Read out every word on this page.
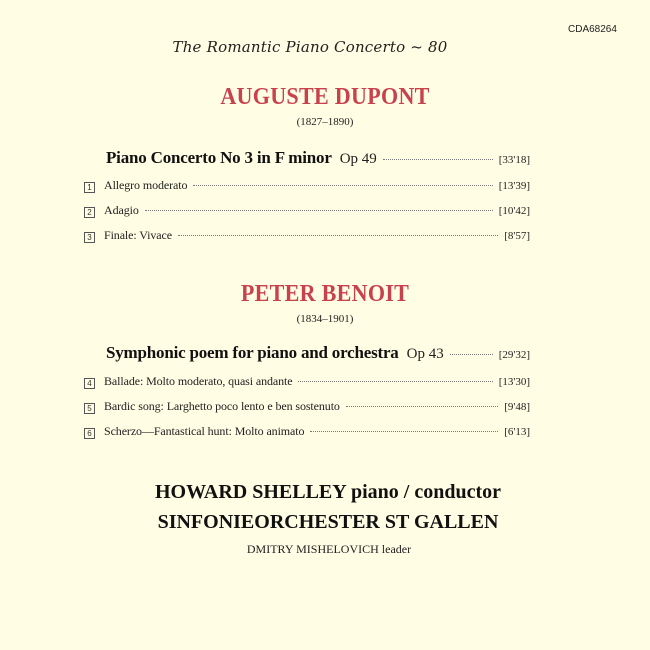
CDA68264
The Romantic Piano Concerto ~ 80
AUGUSTE DUPONT
(1827–1890)
Piano Concerto No 3 in F minor Op 49	[33'18]
1 Allegro moderato	[13'39]
2 Adagio	[10'42]
3 Finale: Vivace	[8'57]
PETER BENOIT
(1834–1901)
Symphonic poem for piano and orchestra Op 43	[29'32]
4 Ballade: Molto moderato, quasi andante	[13'30]
5 Bardic song: Larghetto poco lento e ben sostenuto	[9'48]
6 Scherzo—Fantastical hunt: Molto animato	[6'13]
HOWARD SHELLEY piano / conductor
SINFONIEORCHESTER ST GALLEN
DMITRY MISHELOVICH leader
